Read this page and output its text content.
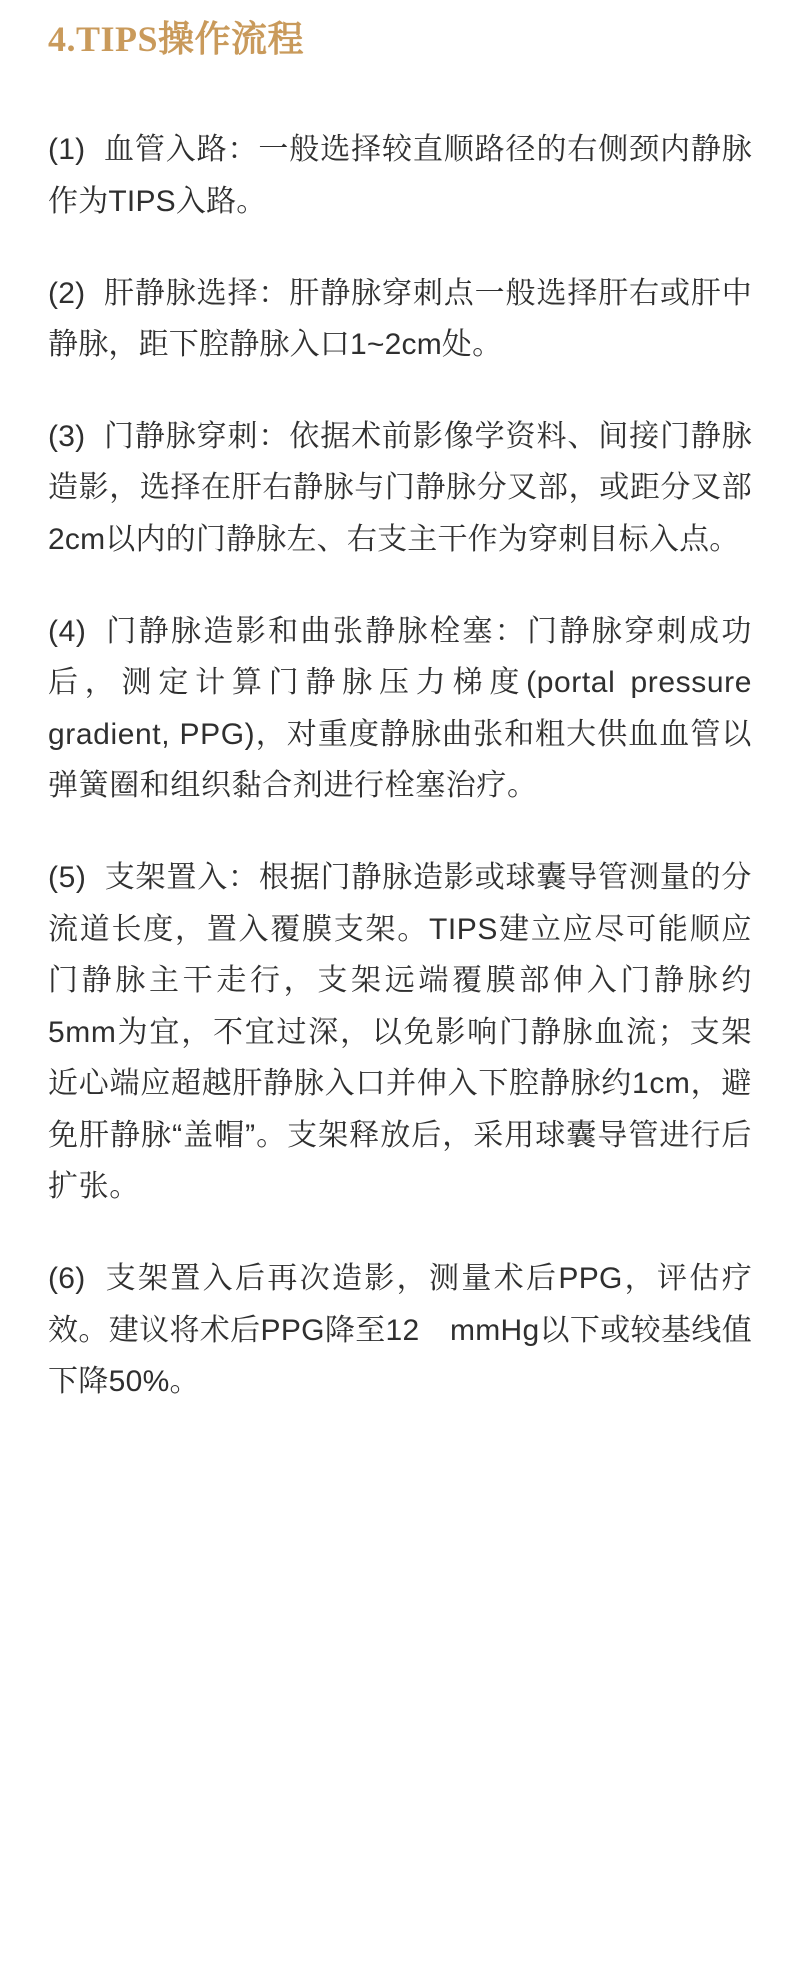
4.TIPS操作流程

(1) 血管入路：一般选择较直顺路径的右侧颈内静脉作为TIPS入路。

(2) 肝静脉选择：肝静脉穿刺点一般选择肝右或肝中静脉，距下腔静脉入口1~2cm处。

(3) 门静脉穿刺：依据术前影像学资料、间接门静脉造影，选择在肝右静脉与门静脉分叉部，或距分叉部2cm以内的门静脉左、右支主干作为穿刺目标入点。

(4) 门静脉造影和曲张静脉栓塞：门静脉穿刺成功后，测定计算门静脉压力梯度(portal pressure gradient, PPG)，对重度静脉曲张和粗大供血血管以弹簧圈和组织黏合剂进行栓塞治疗。

(5) 支架置入：根据门静脉造影或球囊导管测量的分流道长度，置入覆膜支架。TIPS建立应尽可能顺应门静脉主干走行，支架远端覆膜部伸入门静脉约5mm为宜，不宜过深，以免影响门静脉血流；支架近心端应超越肝静脉入口并伸入下腔静脉约1cm，避免肝静脉“盖帽”。支架释放后，采用球囊导管进行后扩张。

(6) 支架置入后再次造影，测量术后PPG，评估疗效。建议将术后PPG降至12　mmHg以下或较基线值下降50%。
